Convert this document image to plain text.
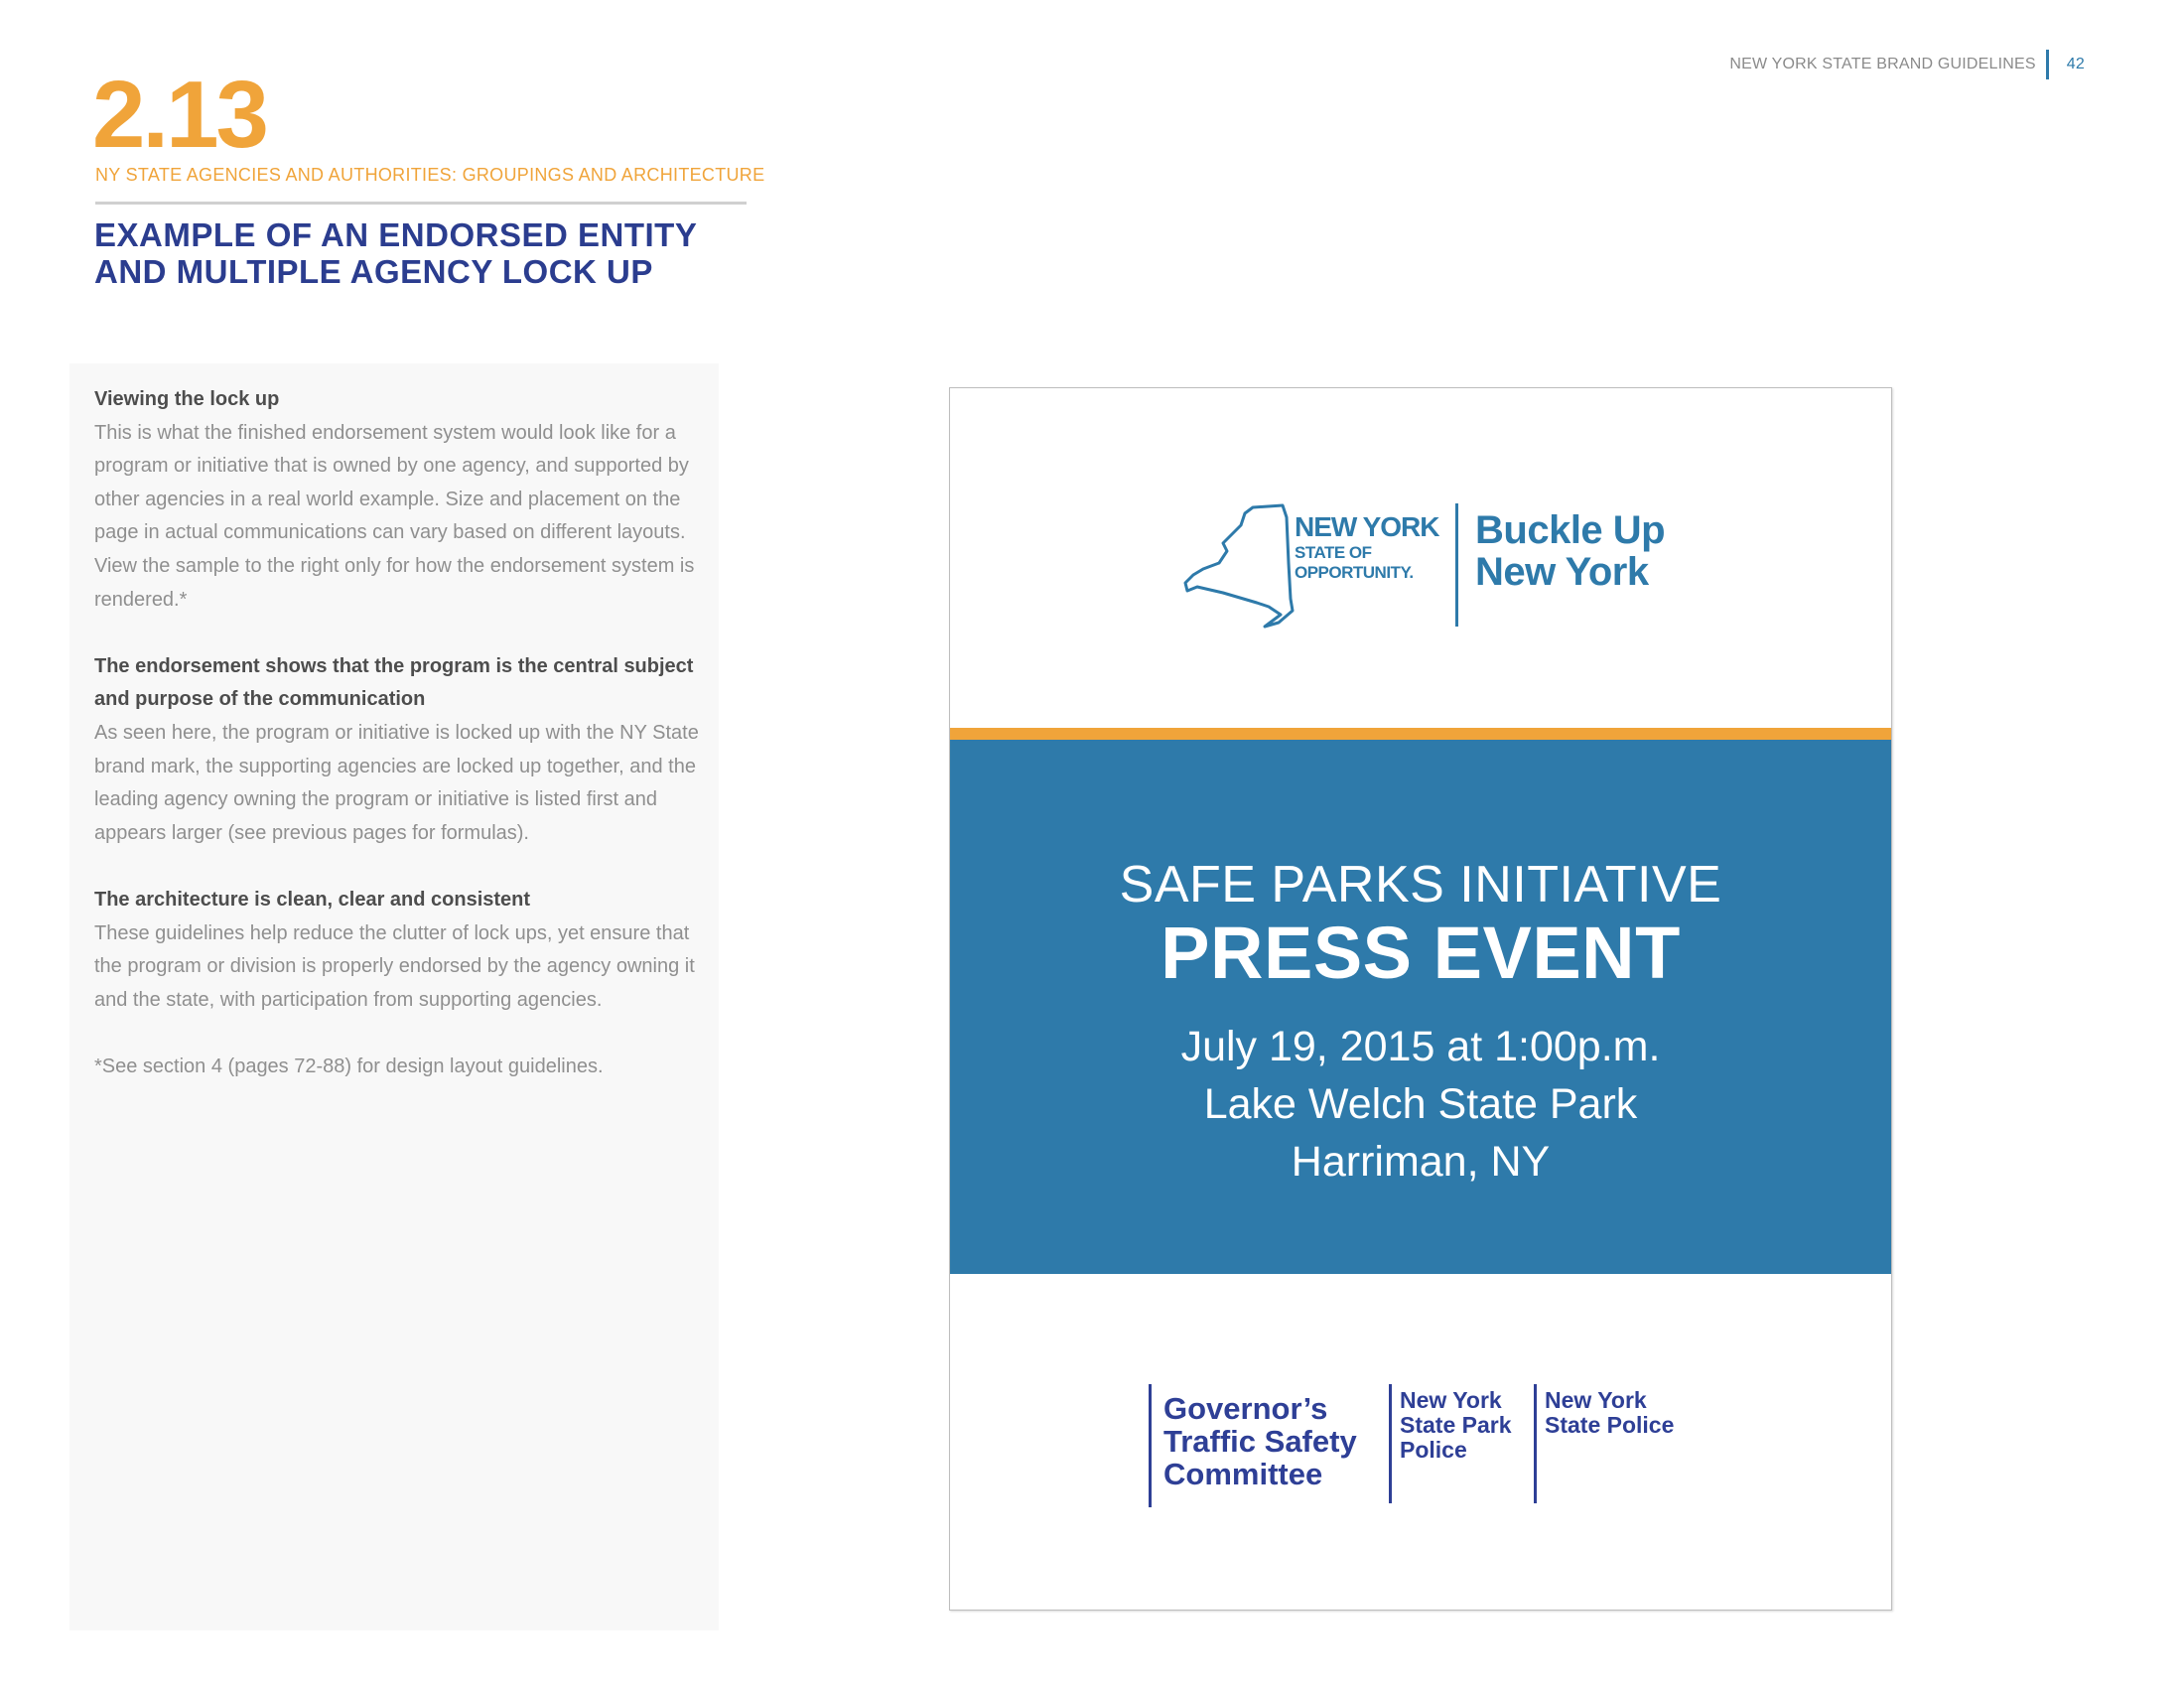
NEW YORK STATE BRAND GUIDELINES 42
2.13
NY STATE AGENCIES AND AUTHORITIES: GROUPINGS AND ARCHITECTURE
EXAMPLE OF AN ENDORSED ENTITY AND MULTIPLE AGENCY LOCK UP
Viewing the lock up

This is what the finished endorsement system would look like for a program or initiative that is owned by one agency, and supported by other agencies in a real world example. Size and placement on the page in actual communications can vary based on different layouts. View the sample to the right only for how the endorsement system is rendered.*

The endorsement shows that the program is the central subject and purpose of the communication

As seen here, the program or initiative is locked up with the NY State brand mark, the supporting agencies are locked up together, and the leading agency owning the program or initiative is listed first and appears larger (see previous pages for formulas).

The architecture is clean, clear and consistent

These guidelines help reduce the clutter of lock ups, yet ensure that the program or division is properly endorsed by the agency owning it and the state, with participation from supporting agencies.

*See section 4 (pages 72-88) for design layout guidelines.

NEW YORK
STATE OF
OPPORTUNITY.
Buckle Up
New York
SAFE PARKS INITIATIVE
PRESS EVENT
July 19, 2015 at 1:00p.m.
Lake Welch State Park
Harriman, NY
Governor’s
Traffic Safety
Committee
New York
State Park
Police
New York
State Police
